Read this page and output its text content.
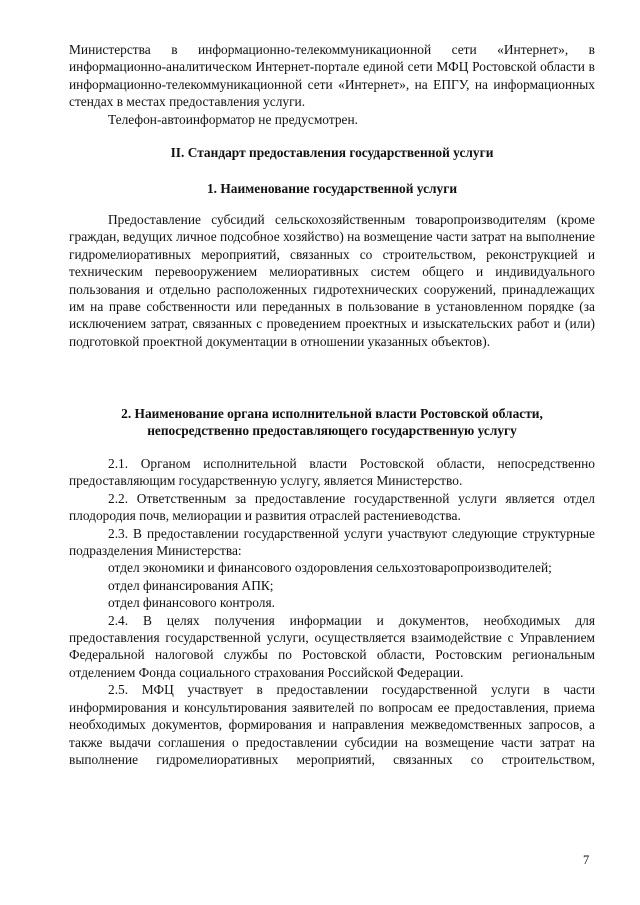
Министерства в информационно-телекоммуникационной сети «Интернет», в информационно-аналитическом Интернет-портале единой сети МФЦ Ростовской области в информационно-телекоммуникационной сети «Интернет», на ЕПГУ, на информационных стендах в местах предоставления услуги.

Телефон-автоинформатор не предусмотрен.

II. Стандарт предоставления государственной услуги
1. Наименование государственной услуги

Предоставление субсидий сельскохозяйственным товаропроизводителям (кроме граждан, ведущих личное подсобное хозяйство) на возмещение части затрат на выполнение гидромелиоративных мероприятий, связанных со строительством, реконструкцией и техническим перевооружением мелиоративных систем общего и индивидуального пользования и отдельно расположенных гидротехнических сооружений, принадлежащих им на праве собственности или переданных в пользование в установленном порядке (за исключением затрат, связанных с проведением проектных и изыскательских работ и (или) подготовкой проектной документации в отношении указанных объектов).

2. Наименование органа исполнительной власти Ростовской области,
непосредственно предоставляющего государственную услугу

2.1. Органом исполнительной власти Ростовской области, непосредственно предоставляющим государственную услугу, является Министерство.

2.2. Ответственным за предоставление государственной услуги является отдел плодородия почв, мелиорации и развития отраслей растениеводства.

2.3. В предоставлении государственной услуги участвуют следующие структурные подразделения Министерства:

отдел экономики и финансового оздоровления сельхозтоваропроизводителей;

отдел финансирования АПК;

отдел финансового контроля.

2.4. В целях получения информации и документов, необходимых для предоставления государственной услуги, осуществляется взаимодействие с Управлением Федеральной налоговой службы по Ростовской области, Ростовским региональным отделением Фонда социального страхования Российской Федерации.

2.5. МФЦ участвует в предоставлении государственной услуги в части информирования и консультирования заявителей по вопросам ее предоставления, приема необходимых документов, формирования и направления межведомственных запросов, а также выдачи соглашения о предоставлении субсидии на возмещение части затрат на выполнение гидромелиоративных мероприятий, связанных со строительством,

7
